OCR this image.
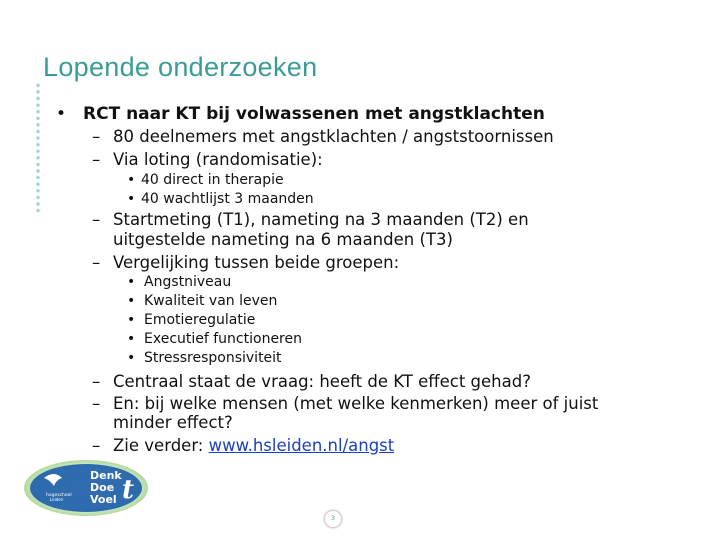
Lopende onderzoeken
• RCT naar KT bij volwassenen met angstklachten
– 80 deelnemers met angstklachten / angststoornissen
– Via loting (randomisatie):
• 40 direct in therapie
• 40 wachtlijst 3 maanden
– Startmeting (T1), nameting na 3 maanden (T2) en
uitgestelde nameting na 6 maanden (T3)
– Vergelijking tussen beide groepen:
• Angstniveau
• Kwaliteit van leven
• Emotieregulatie
• Executief functioneren
• Stressresponsiviteit
– Centraal staat de vraag: heeft de KT effect gehad?
– En: bij welke mensen (met welke kenmerken) meer of juist
minder effect?
– Zie verder: www.hsleiden.nl/angst
Denk
Doe
Voel t
hogeschool
Leiden
3
